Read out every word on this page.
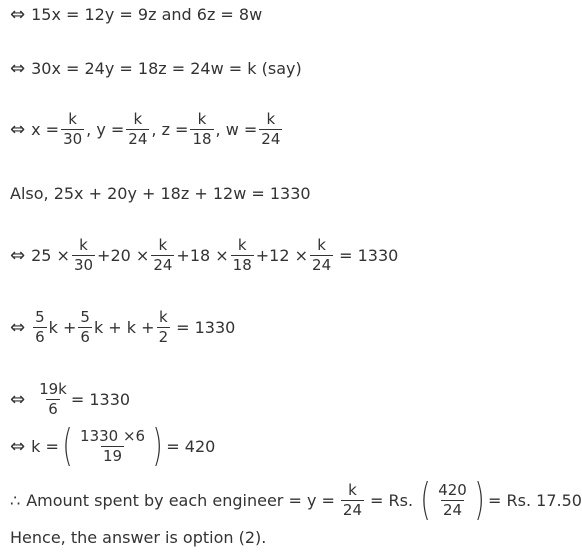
⇔ 15x = 12y = 9z and 6z = 8w
⇔ 30x = 24y = 18z = 24w = k (say)
⇔ $x = \frac{k}{30}$ , $y = \frac{k}{24}$ , $z = \frac{k}{18}$ , $w = \frac{k}{24}$
Also, 25x + 20y + 18z + 12w = 1330
⇔ $25 \times \frac{k}{30} +20 \times \frac{k}{24} +18 \times \frac{k}{18} +12 \times \frac{k}{24} = 1330$
⇔ $\frac{5}{6}$ $k + \frac{5}{6}$ $k + k + \frac{k}{2} = 1330$
⇔ $\frac{19k}{6} = 1330$
⇔ k = ( $\frac{1330 \times 6}{19}$ ) = 420
∴ Amount spent by each engineer = $y = \frac{k}{24} = Rs$. ( $\frac{420}{24}$ ) = Rs. 17.50
Hence, the answer is option (2).
